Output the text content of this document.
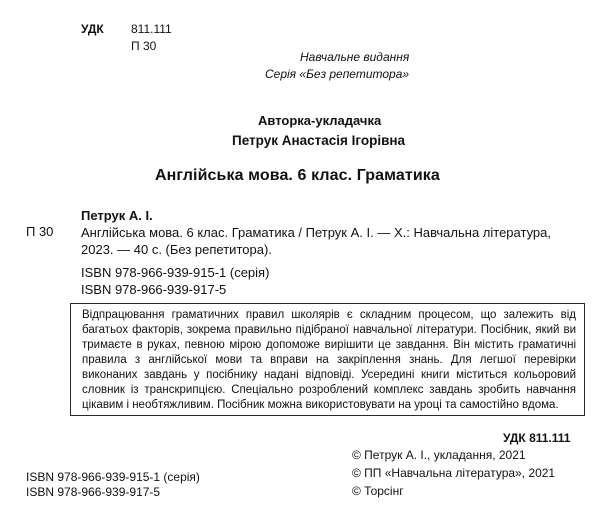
УДК 811.111
П 30
Навчальне видання
Серія «Без репетитора»
Авторка-укладачка
Петрук Анастасія Ігорівна
Англійська мова. 6 клас. Граматика
П 30
Петрук А. І.
Англійська мова. 6 клас. Граматика / Петрук А. І. — Х.: Навчальна література, 2023. — 40 с. (Без репетитора).
ISBN 978-966-939-915-1 (серія)
ISBN 978-966-939-917-5
Відпрацювання граматичних правил школярів є складним процесом, що залежить від багатьох факторів, зокрема правильно підібраної навчальної літератури. Посібник, який ви тримаєте в руках, певною мірою допоможе вирішити це завдання. Він містить граматичні правила з англійської мови та вправи на закріплення знань. Для легшої перевірки виконаних завдань у посібнику надані відповіді. Усередині книги міститься кольоровий словник із транскрипцією. Спеціально розроблений комплекс завдань зробить навчання цікавим і необтяжливим. Посібник можна використовувати на уроці та самостійно вдома.
УДК 811.111
ISBN 978-966-939-915-1 (серія)
ISBN 978-966-939-917-5
© Петрук А. І., укладання, 2021
© ПП «Навчальна література», 2021
© Торсінг
